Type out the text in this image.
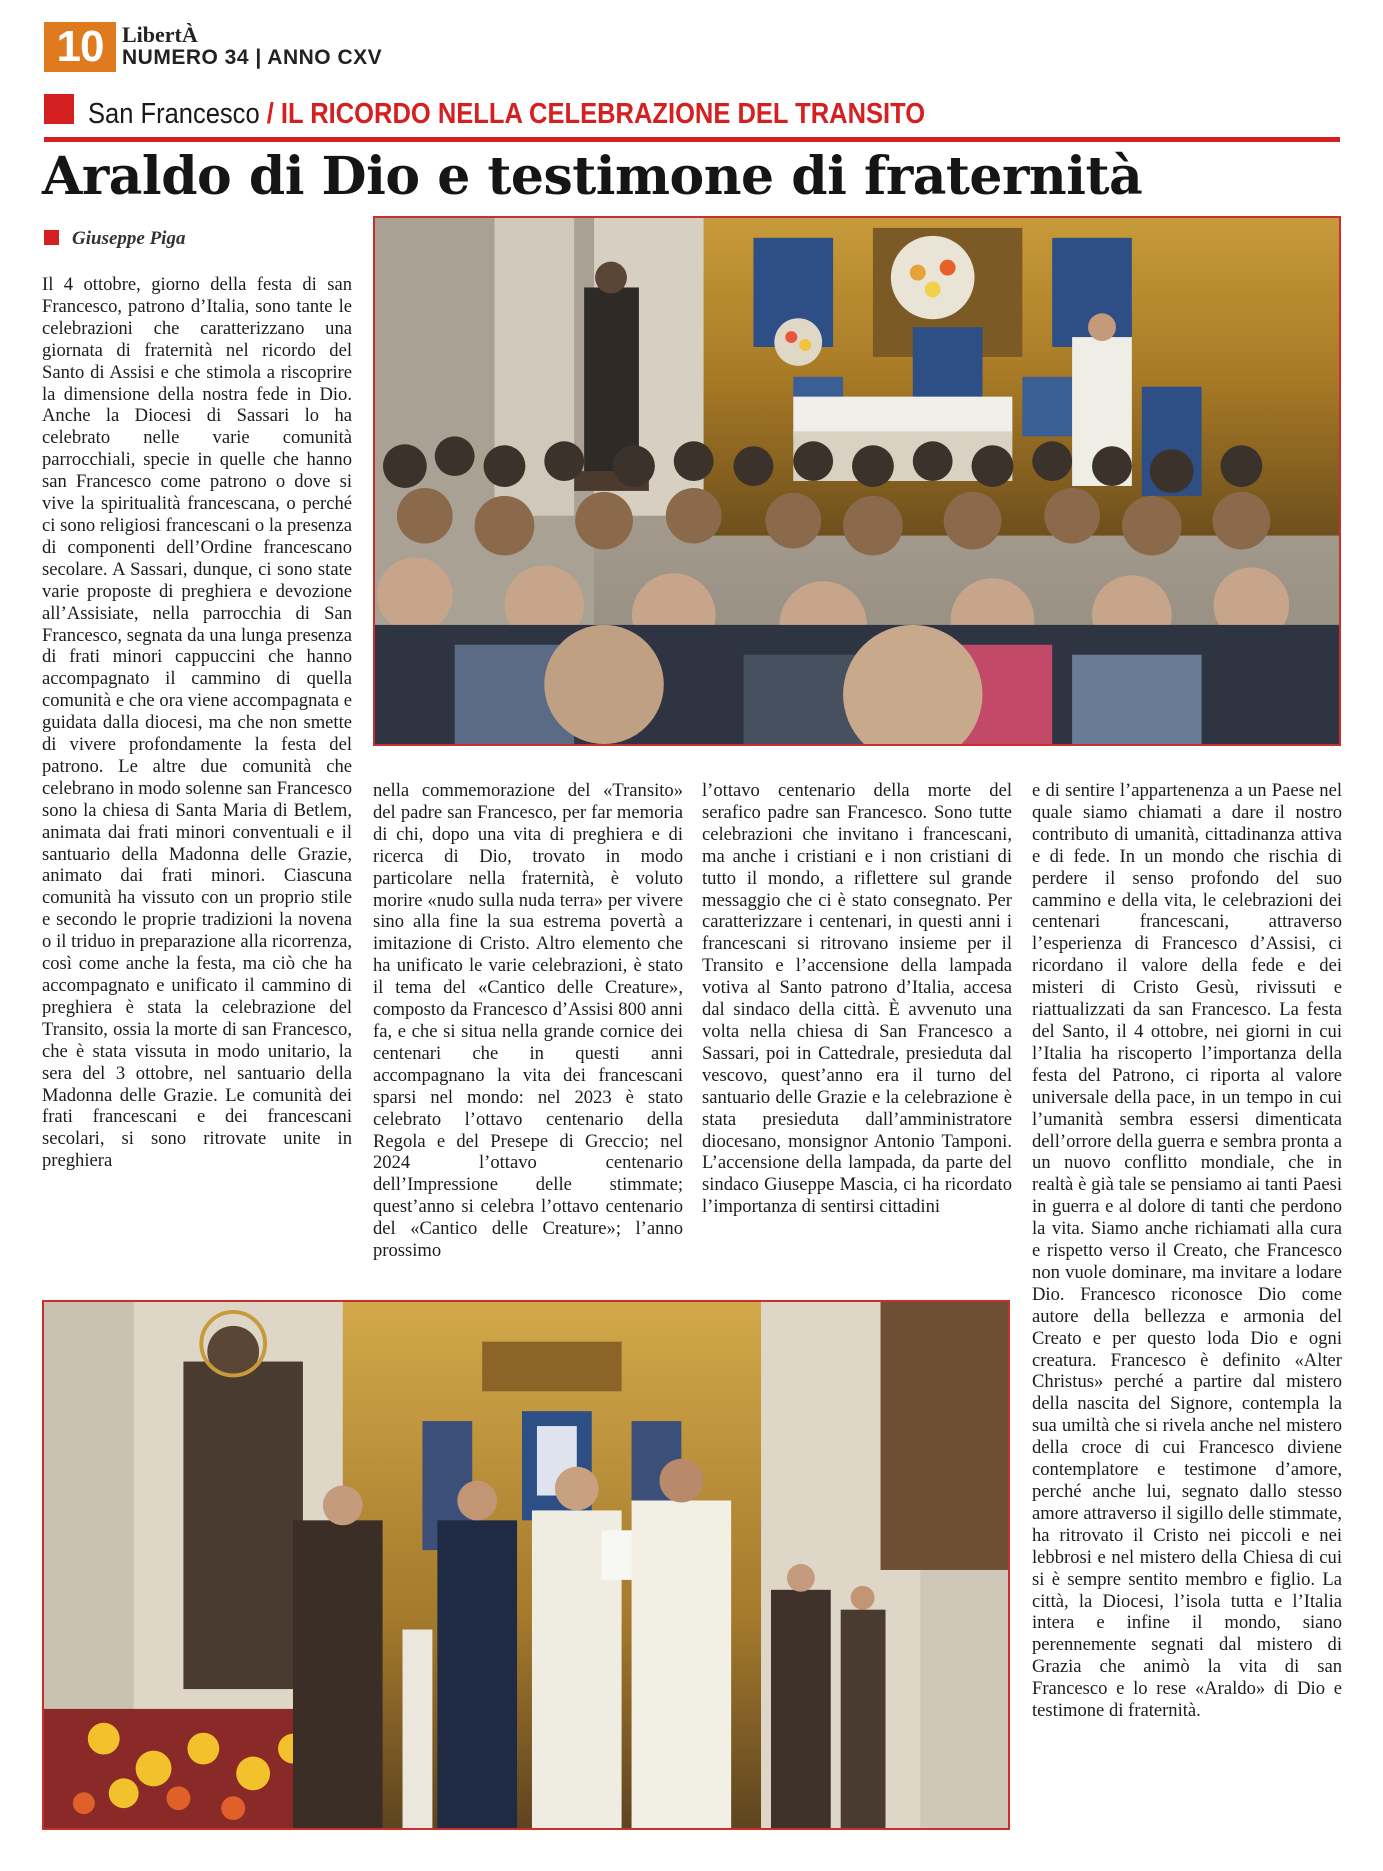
10 LibertÀ
NUMERO 34 | ANNO CXV
San Francesco / IL RICORDO NELLA CELEBRAZIONE DEL TRANSITO
Araldo di Dio e testimone di fraternità
Giuseppe Piga

Il 4 ottobre, giorno della festa di san Francesco, patrono d’Italia, sono tante le celebrazioni che caratterizzano una giornata di fraternità nel ricordo del Santo di Assisi e che stimola a riscoprire la dimensione della nostra fede in Dio. Anche la Diocesi di Sassari lo ha celebrato nelle varie comunità parrocchiali, specie in quelle che hanno san Francesco come patrono o dove si vive la spiritualità francescana, o perché ci sono religiosi francescani o la presenza di componenti dell’Ordine francescano secolare. A Sassari, dunque, ci sono state varie proposte di preghiera e devozione all’Assisiate, nella parrocchia di San Francesco, segnata da una lunga presenza di frati minori cappuccini che hanno accompagnato il cammino di quella comunità e che ora viene accompagnata e guidata dalla diocesi, ma che non smette di vivere profondamente la festa del patrono. Le altre due comunità che celebrano in modo solenne san Francesco sono la chiesa di Santa Maria di Betlem, animata dai frati minori conventuali e il santuario della Madonna delle Grazie, animato dai frati minori. Ciascuna comunità ha vissuto con un proprio stile e secondo le proprie tradizioni la novena o il triduo in preparazione alla ricorrenza, così come anche la festa, ma ciò che ha accompagnato e unificato il cammino di preghiera è stata la celebrazione del Transito, ossia la morte di san Francesco, che è stata vissuta in modo unitario, la sera del 3 ottobre, nel santuario della Madonna delle Grazie. Le comunità dei frati francescani e dei francescani secolari, si sono ritrovate unite in preghiera

nella commemorazione del «Transito» del padre san Francesco, per far memoria di chi, dopo una vita di preghiera e di ricerca di Dio, trovato in modo particolare nella fraternità, è voluto morire «nudo sulla nuda terra» per vivere sino alla fine la sua estrema povertà a imitazione di Cristo. Altro elemento che ha unificato le varie celebrazioni, è stato il tema del «Cantico delle Creature», composto da Francesco d’Assisi 800 anni fa, e che si situa nella grande cornice dei centenari che in questi anni accompagnano la vita dei francescani sparsi nel mondo: nel 2023 è stato celebrato l’ottavo centenario della Regola e del Presepe di Greccio; nel 2024 l’ottavo centenario dell’Impressione delle stimmate; quest’anno si celebra l’ottavo centenario del «Cantico delle Creature»; l’anno prossimo

l’ottavo centenario della morte del serafico padre san Francesco. Sono tutte celebrazioni che invitano i francescani, ma anche i cristiani e i non cristiani di tutto il mondo, a riflettere sul grande messaggio che ci è stato consegnato. Per caratterizzare i centenari, in questi anni i francescani si ritrovano insieme per il Transito e l’accensione della lampada votiva al Santo patrono d’Italia, accesa dal sindaco della città. È avvenuto una volta nella chiesa di San Francesco a Sassari, poi in Cattedrale, presieduta dal vescovo, quest’anno era il turno del santuario delle Grazie e la celebrazione è stata presieduta dall’amministratore diocesano, monsignor Antonio Tamponi. L’accensione della lampada, da parte del sindaco Giuseppe Mascia, ci ha ricordato l’importanza di sentirsi cittadini

e di sentire l’appartenenza a un Paese nel quale siamo chiamati a dare il nostro contributo di umanità, cittadinanza attiva e di fede. In un mondo che rischia di perdere il senso profondo del suo cammino e della vita, le celebrazioni dei centenari francescani, attraverso l’esperienza di Francesco d’Assisi, ci ricordano il valore della fede e dei misteri di Cristo Gesù, rivissuti e riattualizzati da san Francesco. La festa del Santo, il 4 ottobre, nei giorni in cui l’Italia ha riscoperto l’importanza della festa del Patrono, ci riporta al valore universale della pace, in un tempo in cui l’umanità sembra essersi dimenticata dell’orrore della guerra e sembra pronta a un nuovo conflitto mondiale, che in realtà è già tale se pensiamo ai tanti Paesi in guerra e al dolore di tanti che perdono la vita. Siamo anche richiamati alla cura e rispetto verso il Creato, che Francesco non vuole dominare, ma invitare a lodare Dio. Francesco riconosce Dio come autore della bellezza e armonia del Creato e per questo loda Dio e ogni creatura. Francesco è definito «Alter Christus» perché a partire dal mistero della nascita del Signore, contempla la sua umiltà che si rivela anche nel mistero della croce di cui Francesco diviene contemplatore e testimone d’amore, perché anche lui, segnato dallo stesso amore attraverso il sigillo delle stimmate, ha ritrovato il Cristo nei piccoli e nei lebbrosi e nel mistero della Chiesa di cui si è sempre sentito membro e figlio. La città, la Diocesi, l’isola tutta e l’Italia intera e infine il mondo, siano perennemente segnati dal mistero di Grazia che animò la vita di san Francesco e lo rese «Araldo» di Dio e testimone di fraternità.
